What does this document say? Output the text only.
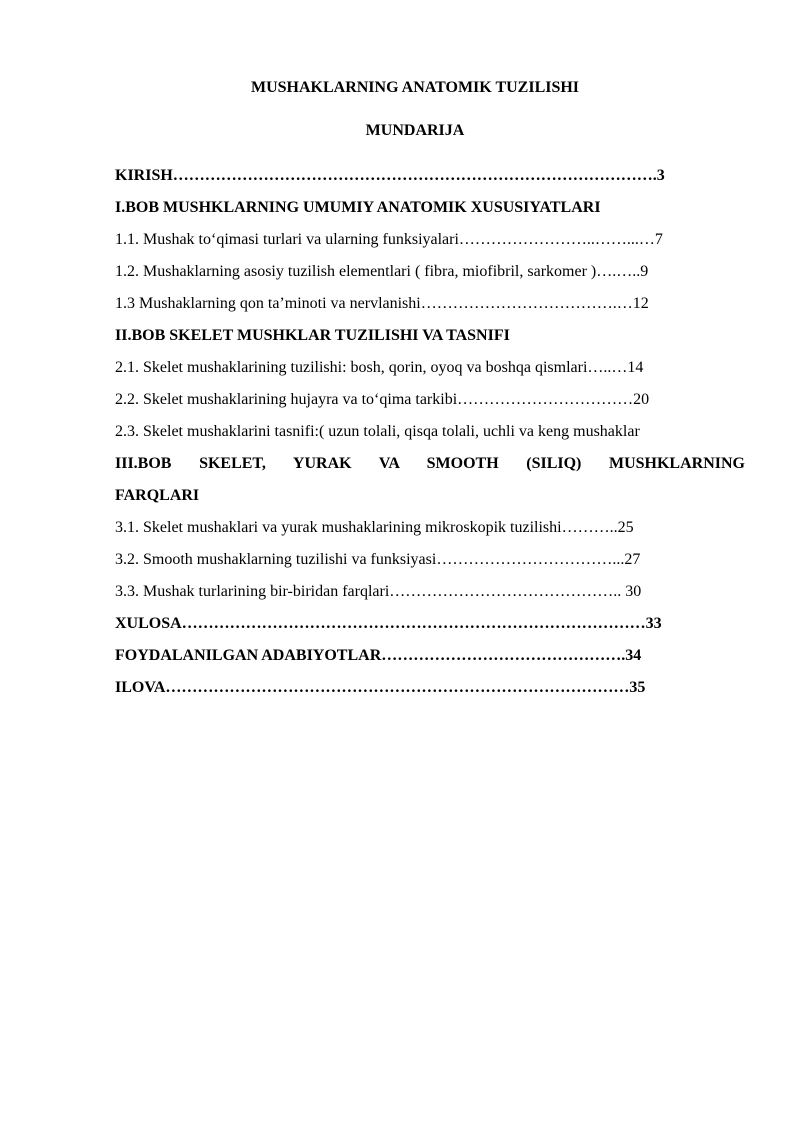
MUSHAKLARNING ANATOMIK TUZILISHI
MUNDARIJA
KIRISH……………………………………………………………………………….3
I.BOB MUSHKLARNING UMUMIY ANATOMIK XUSUSIYATLARI
1.1. Mushak to‘qimasi turlari va ularning funksiyalari……………………..……...…7
1.2. Mushaklarning asosiy tuzilish elementlari ( fibra, miofibril, sarkomer )….…..9
1.3 Mushaklarning qon ta’minoti va nervlanishi……………………………….…12
II.BOB SKELET MUSHKLAR TUZILISHI VA TASNIFI
2.1. Skelet mushaklarining tuzilishi: bosh, qorin, oyoq va boshqa qismlari…..…14
2.2. Skelet mushaklarining hujayra va to‘qima tarkibi……………………………20
2.3. Skelet mushaklarini tasnifi:( uzun tolali, qisqa tolali, uchli va keng mushaklar
III.BOB SKELET, YURAK VA SMOOTH (SILIQ) MUSHKLARNING
FARQLARI
3.1. Skelet mushaklari va yurak mushaklarining mikroskopik tuzilishi………..25
3.2. Smooth mushaklarning tuzilishi va funksiyasi……………………………...27
3.3. Mushak turlarining bir-biridan farqlari…………………………………….. 30
XULOSA……………………………………………………………………………33
FOYDALANILGAN ADABIYOTLAR……………………………………….34
ILOVA……………………………………………………………………………35
